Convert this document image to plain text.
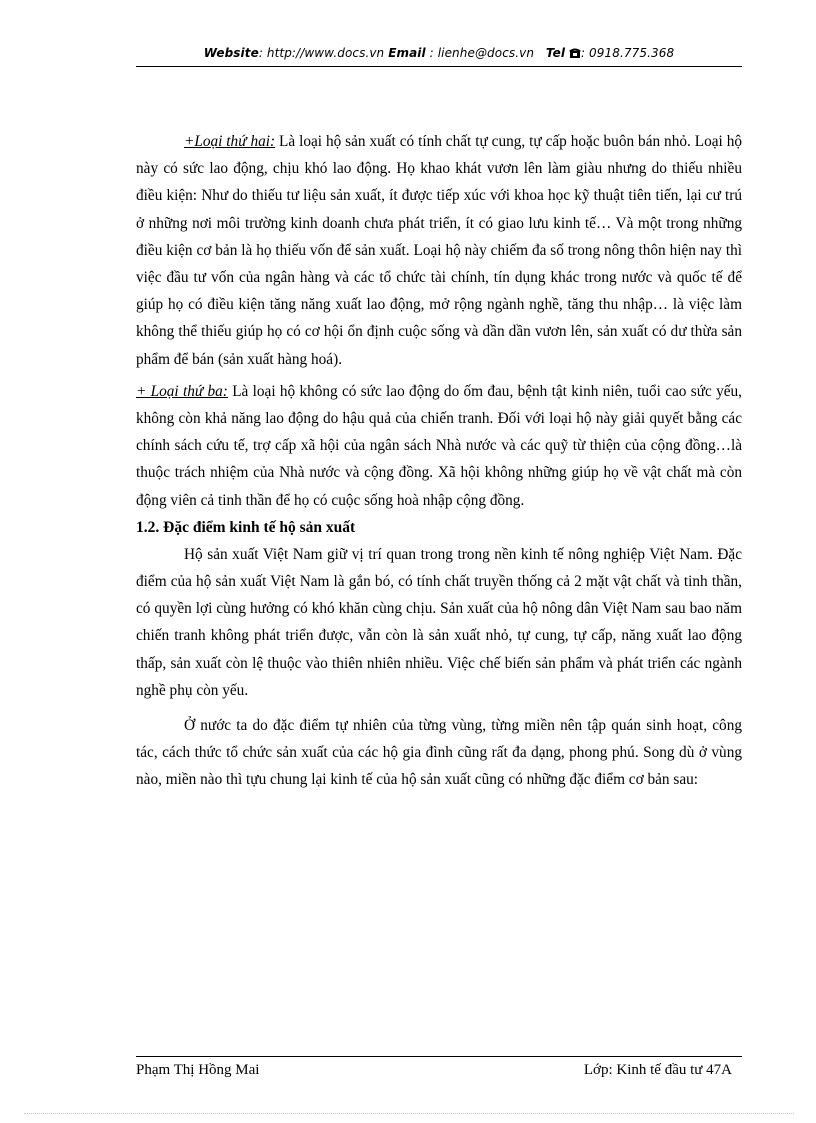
Website: http://www.docs.vn Email : lienhe@docs.vn Tel : 0918.775.368

+Loại thứ hai: Là loại hộ sản xuất có tính chất tự cung, tự cấp hoặc buôn bán nhỏ. Loại hộ này có sức lao động, chịu khó lao động. Họ khao khát vươn lên làm giàu nhưng do thiếu nhiều điều kiện: Như do thiếu tư liệu sản xuất, ít được tiếp xúc với khoa học kỹ thuật tiên tiến, lại cư trú ở những nơi môi trường kinh doanh chưa phát triển, ít có giao lưu kinh tế… Và một trong những điều kiện cơ bản là họ thiếu vốn để sản xuất. Loại hộ này chiếm đa số trong nông thôn hiện nay thì việc đầu tư vốn của ngân hàng và các tổ chức tài chính, tín dụng khác trong nước và quốc tế để giúp họ có điều kiện tăng năng xuất lao động, mở rộng ngành nghề, tăng thu nhập… là việc làm không thể thiếu giúp họ có cơ hội ổn định cuộc sống và dần dần vươn lên, sản xuất có dư thừa sản phẩm để bán (sản xuất hàng hoá).

+ Loại thứ ba: Là loại hộ không có sức lao động do ốm đau, bệnh tật kinh niên, tuổi cao sức yếu, không còn khả năng lao động do hậu quả của chiến tranh. Đối với loại hộ này giải quyết bằng các chính sách cứu tế, trợ cấp xã hội của ngân sách Nhà nước và các quỹ từ thiện của cộng đồng…là thuộc trách nhiệm của Nhà nước và cộng đồng. Xã hội không những giúp họ về vật chất mà còn động viên cả tinh thần để họ có cuộc sống hoà nhập cộng đồng.

1.2. Đặc điểm kinh tế hộ sản xuất

Hộ sản xuất Việt Nam giữ vị trí quan trong trong nền kinh tế nông nghiệp Việt Nam. Đặc điểm của hộ sản xuất Việt Nam là gắn bó, có tính chất truyền thống cả 2 mặt vật chất và tinh thần, có quyền lợi cùng hưởng có khó khăn cùng chịu. Sản xuất của hộ nông dân Việt Nam sau bao năm chiến tranh không phát triển được, vẫn còn là sản xuất nhỏ, tự cung, tự cấp, năng xuất lao động thấp, sản xuất còn lệ thuộc vào thiên nhiên nhiều. Việc chế biến sản phẩm và phát triển các ngành nghề phụ còn yếu.

Ở nước ta do đặc điểm tự nhiên của từng vùng, từng miền nên tập quán sinh hoạt, công tác, cách thức tổ chức sản xuất của các hộ gia đình cũng rất đa dạng, phong phú. Song dù ở vùng nào, miền nào thì tựu chung lại kinh tế của hộ sản xuất cũng có những đặc điểm cơ bản sau:

Phạm Thị Hồng Mai	Lớp: Kinh tế đầu tư 47A
